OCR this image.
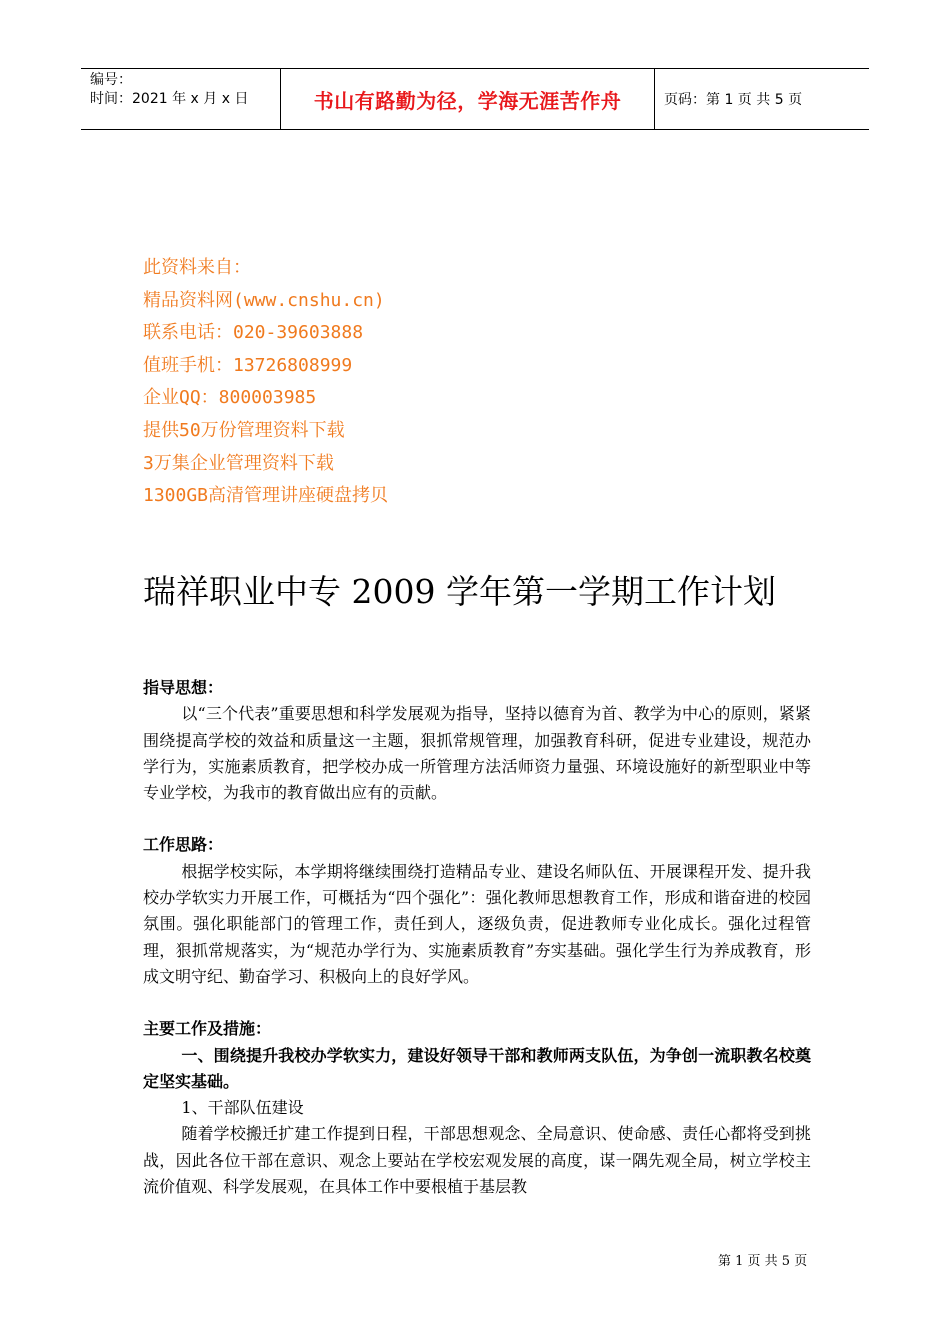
编号：
时间：2021 年 x 月 x 日	书山有路勤为径，学海无涯苦作舟	页码：第 1 页 共 5 页
此资料来自：
精品资料网(www.cnshu.cn)
联系电话：020-39603888
值班手机：13726808999
企业QQ：800003985
提供50万份管理资料下载
3万集企业管理资料下载
1300GB高清管理讲座硬盘拷贝
瑞祥职业中专 2009 学年第一学期工作计划
指导思想：
以“三个代表”重要思想和科学发展观为指导，坚持以德育为首、教学为中心的原则，紧紧围绕提高学校的效益和质量这一主题，狠抓常规管理，加强教育科研，促进专业建设，规范办学行为，实施素质教育，把学校办成一所管理方法活师资力量强、环境设施好的新型职业中等专业学校，为我市的教育做出应有的贡献。
工作思路：
根据学校实际，本学期将继续围绕打造精品专业、建设名师队伍、开展课程开发、提升我校办学软实力开展工作，可概括为“四个强化”：强化教师思想教育工作，形成和谐奋进的校园氛围。强化职能部门的管理工作，责任到人，逐级负责，促进教师专业化成长。强化过程管理，狠抓常规落实，为“规范办学行为、实施素质教育”夯实基础。强化学生行为养成教育，形成文明守纪、勤奋学习、积极向上的良好学风。
主要工作及措施：
一、围绕提升我校办学软实力，建设好领导干部和教师两支队伍，为争创一流职教名校奠定坚实基础。
1、干部队伍建设
随着学校搬迁扩建工作提到日程，干部思想观念、全局意识、使命感、责任心都将受到挑战，因此各位干部在意识、观念上要站在学校宏观发展的高度，谋一隅先观全局，树立学校主流价值观、科学发展观，在具体工作中要根植于基层教
第 1 页 共 5 页
